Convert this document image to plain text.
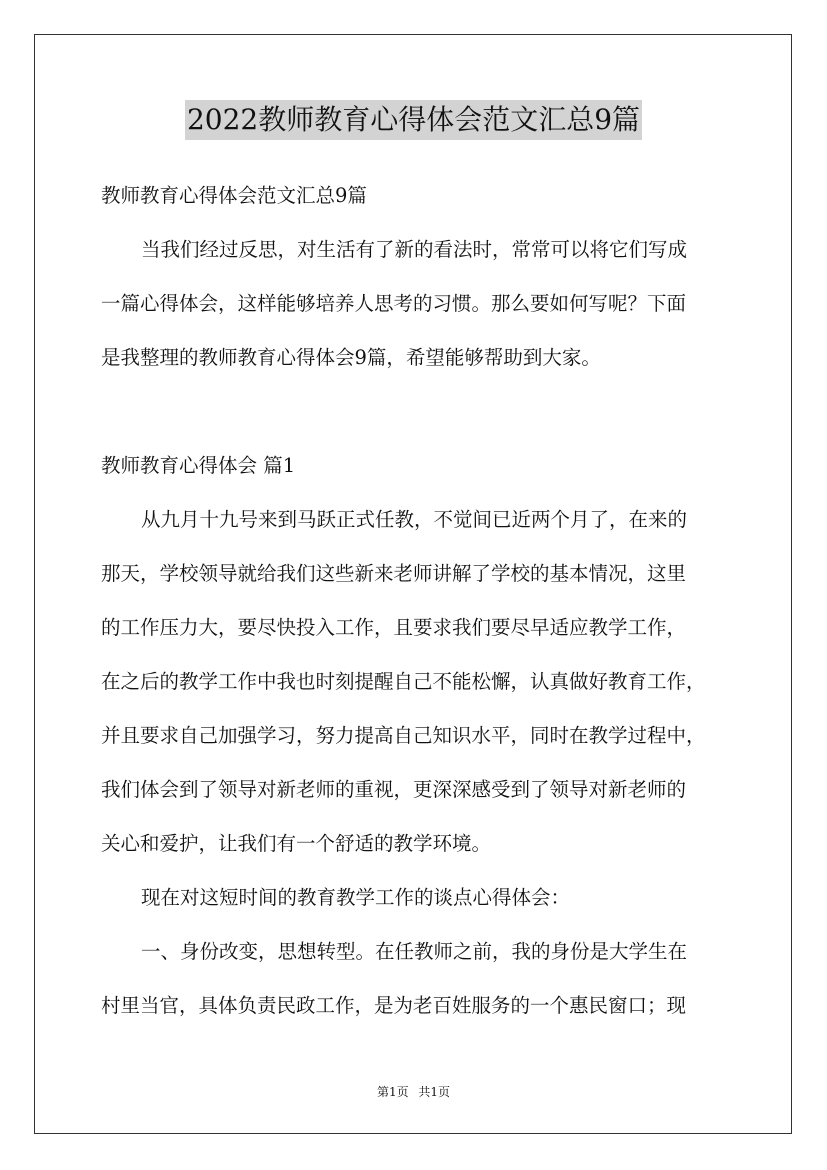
2022教师教育心得体会范文汇总9篇
教师教育心得体会范文汇总9篇
当我们经过反思，对生活有了新的看法时，常常可以将它们写成
一篇心得体会，这样能够培养人思考的习惯。那么要如何写呢？下面
是我整理的教师教育心得体会9篇，希望能够帮助到大家。
教师教育心得体会 篇1
从九月十九号来到马跃正式任教，不觉间已近两个月了，在来的
那天，学校领导就给我们这些新来老师讲解了学校的基本情况，这里
的工作压力大，要尽快投入工作，且要求我们要尽早适应教学工作，
在之后的教学工作中我也时刻提醒自己不能松懈，认真做好教育工作，
并且要求自己加强学习，努力提高自己知识水平，同时在教学过程中，
我们体会到了领导对新老师的重视，更深深感受到了领导对新老师的
关心和爱护，让我们有一个舒适的教学环境。
现在对这短时间的教育教学工作的谈点心得体会：
一、身份改变，思想转型。在任教师之前，我的身份是大学生在
村里当官，具体负责民政工作，是为老百姓服务的一个惠民窗口；现
第1页 共1页
